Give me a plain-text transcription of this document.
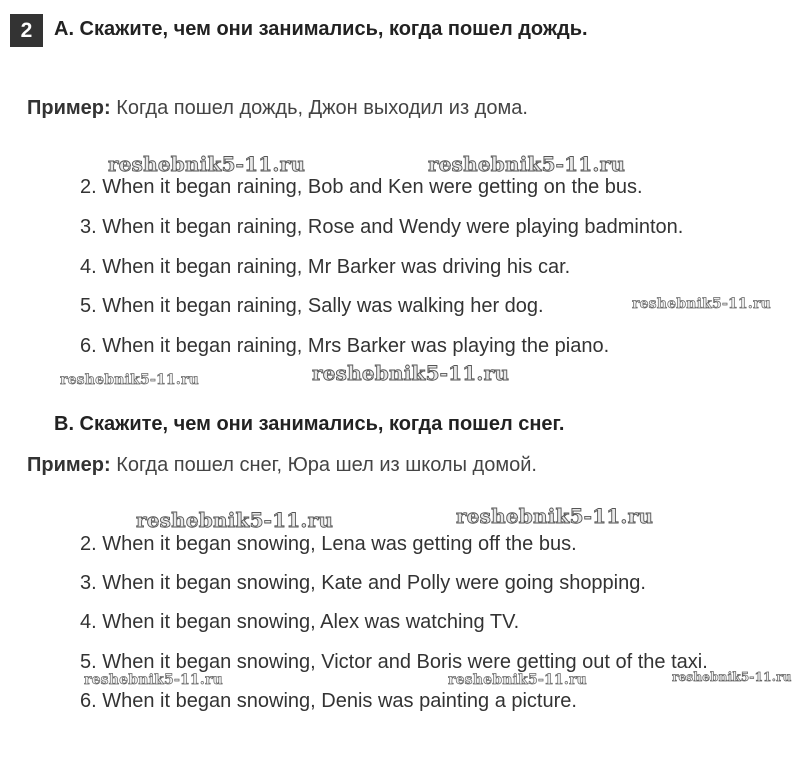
2	A. Скажите, чем они занимались, когда пошел дождь.
Пример: Когда пошел дождь, Джон выходил из дома.
reshebnik5-11.ru	reshebnik5-11.ru
2. When it began raining, Bob and Ken were getting on the bus.
3. When it began raining, Rose and Wendy were playing badminton.
4. When it began raining, Mr Barker was driving his car.
5. When it began raining, Sally was walking her dog.	reshebnik5-11.ru
6. When it began raining, Mrs Barker was playing the piano.
reshebnik5-11.ru	reshebnik5-11.ru
B. Скажите, чем они занимались, когда пошел снег.
Пример: Когда пошел снег, Юра шел из школы домой.
reshebnik5-11.ru	reshebnik5-11.ru
2. When it began snowing, Lena was getting off the bus.
3. When it began snowing, Kate and Polly were going shopping.
4. When it began snowing, Alex was watching TV.
5. When it began snowing, Victor and Boris were getting out of the taxi.
reshebnik5-11.ru	reshebnik5-11.ru	reshebnik5-11.ru
6. When it began snowing, Denis was painting a picture.
